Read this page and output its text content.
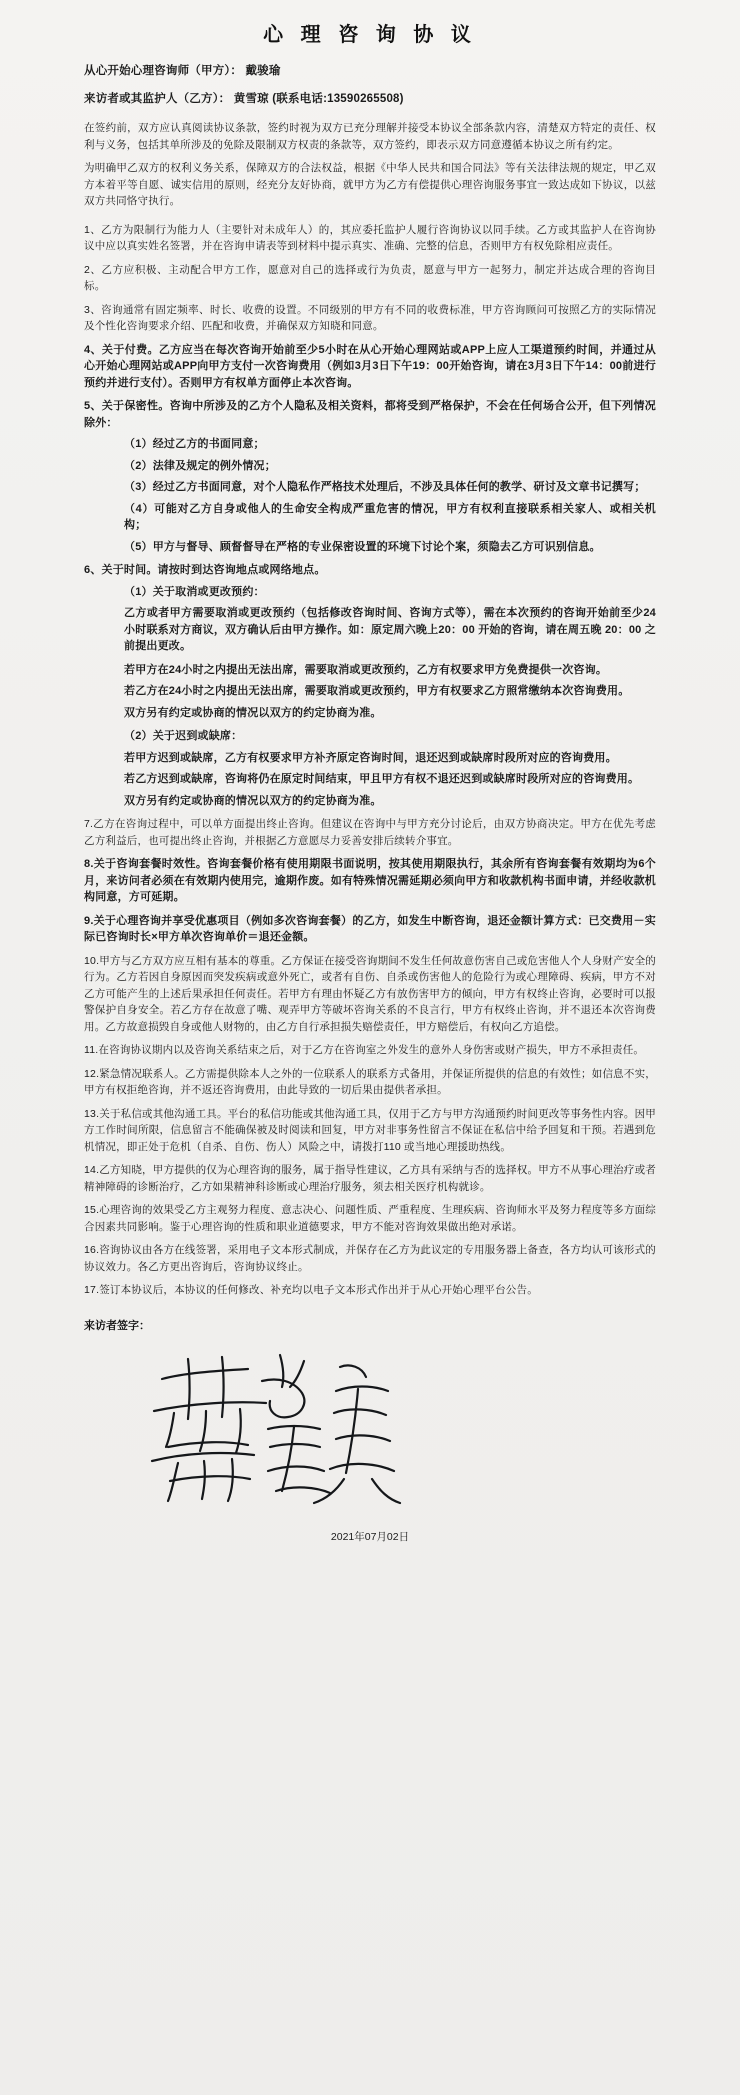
心 理 咨 询 协 议
从心开始心理咨询师（甲方）： 戴骏瑜
来访者或其监护人（乙方）： 黄雪琼 (联系电话:13590265508)
在签约前，双方应认真阅读协议条款，签约时视为双方已充分理解并接受本协议全部条款内容，清楚双方特定的责任、权利与义务，包括其单所涉及的免除及限制双方权责的条款等，双方签约，即表示双方同意遵循本协议之所有约定。
为明确甲乙双方的权利义务关系，保障双方的合法权益，根据《中华人民共和国合同法》等有关法律法规的规定，甲乙双方本着平等自愿、诚实信用的原则，经充分友好协商，就甲方为乙方有偿提供心理咨询服务事宜一致达成如下协议，以兹双方共同恪守执行。
1、乙方为限制行为能力人（主要针对未成年人）的，其应委托监护人履行咨询协议以同手续。乙方或其监护人在咨询协议中应以真实姓名签署，并在咨询申请表等到材料中提示真实、准确、完整的信息，否则甲方有权免除相应责任。
2、乙方应积极、主动配合甲方工作，愿意对自己的选择或行为负责，愿意与甲方一起努力，制定并达成合理的咨询目标。
3、咨询通常有固定频率、时长、收费的设置。不同级别的甲方有不同的收费标准，甲方咨询顾问可按照乙方的实际情况及个性化咨询要求介绍、匹配和收费，并确保双方知晓和同意。
4、关于付费。乙方应当在每次咨询开始前至少5小时在从心开始心理网站或APP上应人工渠道预约时间，并通过从心开始心理网站或APP向甲方支付一次咨询费用（例如3月3日下午19：00开始咨询，请在3月3日下午14：00前进行预约并进行支付）。否则甲方有权单方面停止本次咨询。
5、关于保密性。咨询中所涉及的乙方个人隐私及相关资料，都将受到严格保护，不会在任何场合公开，但下列情况除外：
（1）经过乙方的书面同意；
（2）法律及规定的例外情况；
（3）经过乙方书面同意，对个人隐私作严格技术处理后，不涉及具体任何的教学、研讨及文章书记撰写；
（4）可能对乙方自身或他人的生命安全构成严重危害的情况，甲方有权利直接联系相关家人、或相关机构；
（5）甲方与督导、顾督督导在严格的专业保密设置的环境下讨论个案，须隐去乙方可识别信息。
6、关于时间。请按时到达咨询地点或网络地点。
（1）关于取消或更改预约：
乙方或者甲方需要取消或更改预约（包括修改咨询时间、咨询方式等），需在本次预约的咨询开始前至少24小时联系对方商议，双方确认后由甲方操作。如：原定周六晚上20：00 开始的咨询，请在周五晚 20：00 之前提出更改。
若甲方在24小时之内提出无法出席，需要取消或更改预约，乙方有权要求甲方免费提供一次咨询。
若乙方在24小时之内提出无法出席，需要取消或更改预约，甲方有权要求乙方照常缴纳本次咨询费用。
双方另有约定或协商的情况以双方的约定协商为准。
（2）关于迟到或缺席：
若甲方迟到或缺席，乙方有权要求甲方补齐原定咨询时间，退还迟到或缺席时段所对应的咨询费用。
若乙方迟到或缺席，咨询将仍在原定时间结束，甲且甲方有权不退还迟到或缺席时段所对应的咨询费用。
双方另有约定或协商的情况以双方的约定协商为准。
7.乙方在咨询过程中，可以单方面提出终止咨询。但建议在咨询中与甲方充分讨论后，由双方协商决定。甲方在优先考虑乙方利益后，也可提出终止咨询，并根据乙方意愿尽力妥善安排后续转介事宜。
8.关于咨询套餐时效性。咨询套餐价格有使用期限书面说明，按其使用期限执行，其余所有咨询套餐有效期均为6个月，来访问者必须在有效期内使用完，逾期作废。如有特殊情况需延期必须向甲方和收款机构书面申请，并经收款机构同意，方可延期。
9.关于心理咨询并享受优惠项目（例如多次咨询套餐）的乙方，如发生中断咨询，退还金额计算方式：已交费用－实际已咨询时长×甲方单次咨询单价＝退还金额。
10.甲方与乙方双方应互相有基本的尊重。乙方保证在接受咨询期间不发生任何故意伤害自己或危害他人个人身财产安全的行为。乙方若因自身原因而突发疾病或意外死亡，或者有自伤、自杀或伤害他人的危险行为或心理障碍、疾病，甲方不对乙方可能产生的上述后果承担任何责任。若甲方有理由怀疑乙方有放伤害甲方的倾向，甲方有权终止咨询，必要时可以报警保护自身安全。若乙方存在故意了嘴、观弄甲方等破坏咨询关系的不良言行，甲方有权终止咨询，并不退还本次咨询费用。乙方故意损毁自身或他人财物的，由乙方自行承担损失赔偿责任，甲方赔偿后，有权向乙方追偿。
11.在咨询协议期内以及咨询关系结束之后，对于乙方在咨询室之外发生的意外人身伤害或财产损失，甲方不承担责任。
12.紧急情况联系人。乙方需提供除本人之外的一位联系人的联系方式备用，并保证所提供的信息的有效性；如信息不实，甲方有权拒绝咨询，并不返还咨询费用，由此导致的一切后果由提供者承担。
13.关于私信或其他沟通工具。平台的私信功能或其他沟通工具，仅用于乙方与甲方沟通预约时间更改等事务性内容。因甲方工作时间所限，信息留言不能确保被及时阅读和回复，甲方对非事务性留言不保证在私信中给予回复和干预。若遇到危机情况，即正处于危机（自杀、自伤、伤人）风险之中，请拨打110 或当地心理援助热线。
14.乙方知晓，甲方提供的仅为心理咨询的服务，属于指导性建议，乙方具有采纳与否的选择权。甲方不从事心理治疗或者精神障碍的诊断治疗，乙方如果精神科诊断或心理治疗服务，须去相关医疗机构就诊。
15.心理咨询的效果受乙方主观努力程度、意志决心、问题性质、严重程度、生理疾病、咨询师水平及努力程度等多方面综合因素共同影响。鉴于心理咨询的性质和职业道德要求，甲方不能对咨询效果做出绝对承诺。
16.咨询协议由各方在线签署，采用电子文本形式制成，并保存在乙方为此议定的专用服务器上备查，各方均认可该形式的协议效力。各乙方更出咨询后，咨询协议终止。
17.签订本协议后，本协议的任何修改、补充均以电子文本形式作出并于从心开始心理平台公告。
来访者签字：
2021年07月02日
